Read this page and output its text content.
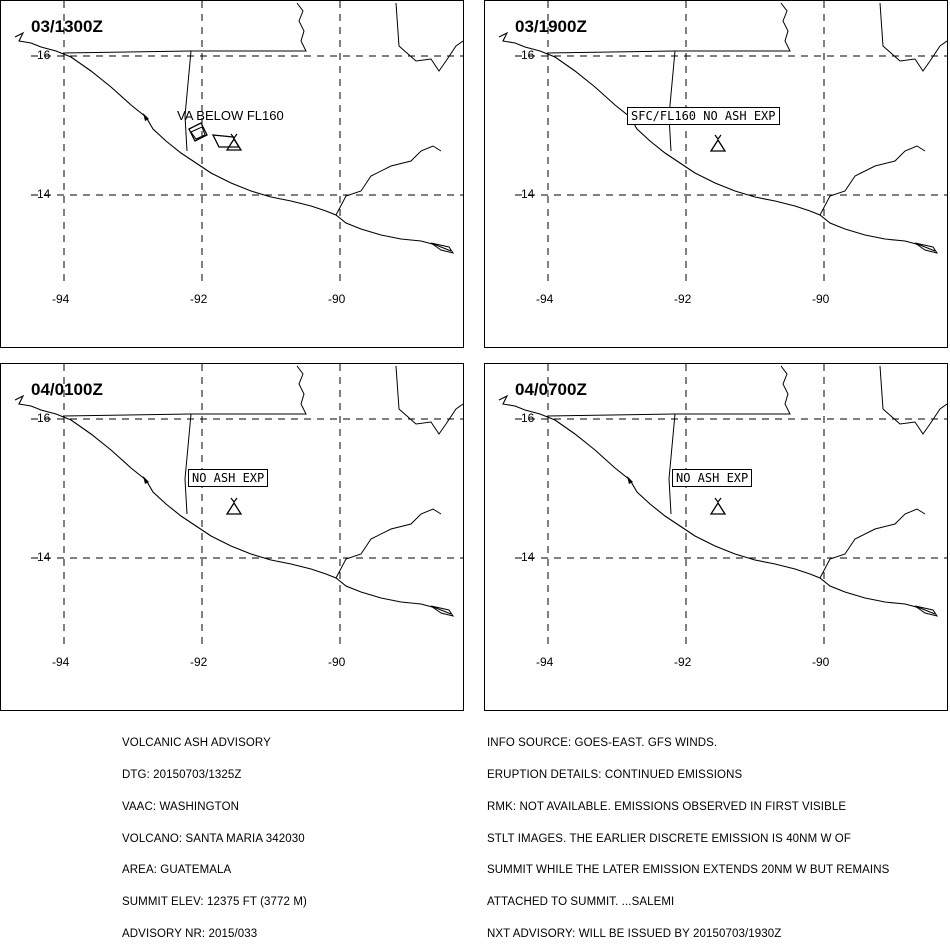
03/1300Z
16
14
-94	-92	-90
VA BELOW FL160
03/1900Z
16
14
-94	-92	-90
SFC/FL160 NO ASH EXP
04/0100Z
16
14
-94	-92	-90
NO ASH EXP
04/0700Z
16
14
-94	-92	-90
NO ASH EXP

VOLCANIC ASH ADVISORY

DTG: 20150703/1325Z

VAAC: WASHINGTON

VOLCANO: SANTA MARIA 342030

AREA: GUATEMALA

SUMMIT ELEV: 12375 FT (3772 M)

ADVISORY NR: 2015/033

INFO SOURCE: GOES-EAST. GFS WINDS.

ERUPTION DETAILS: CONTINUED EMISSIONS

RMK: NOT AVAILABLE. EMISSIONS OBSERVED IN FIRST VISIBLE

STLT IMAGES. THE EARLIER DISCRETE EMISSION IS 40NM W OF

SUMMIT WHILE THE LATER EMISSION EXTENDS 20NM W BUT REMAINS

ATTACHED TO SUMMIT. ...SALEMI

NXT ADVISORY: WILL BE ISSUED BY 20150703/1930Z
